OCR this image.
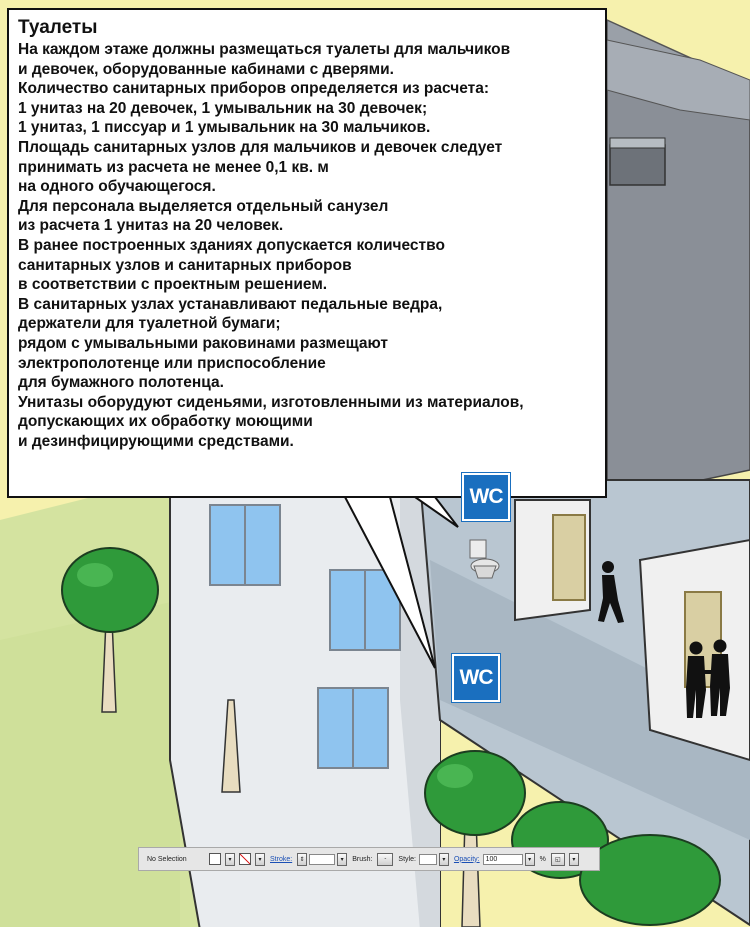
Туалеты
На каждом этаже должны размещаться туалеты для мальчиков
и девочек, оборудованные кабинами с дверями.
Количество санитарных приборов определяется из расчета:
1 унитаз на 20 девочек, 1 умывальник на 30 девочек;
1 унитаз, 1 писсуар и 1 умывальник на 30 мальчиков.
Площадь санитарных узлов для мальчиков и девочек следует
принимать из расчета не менее 0,1 кв. м
на одного обучающегося.
Для персонала выделяется отдельный санузел
из расчета 1 унитаз на 20 человек.
В ранее построенных зданиях допускается количество
санитарных узлов и санитарных приборов
в соответствии с проектным решением.
В санитарных узлах устанавливают педальные ведра,
держатели для туалетной бумаги;
рядом с умывальными раковинами размещают
электрополотенце или приспособление
для бумажного полотенца.
Унитазы оборудуют сиденьями, изготовленными из материалов,
допускающих их обработку моющими
и дезинфицирующими средствами.
WC
WC
No Selection	▾	▾	Stroke:	⇕	▾	Brush:	-	Style:	▾	Opacity: 100	▾	%	◱	▾
